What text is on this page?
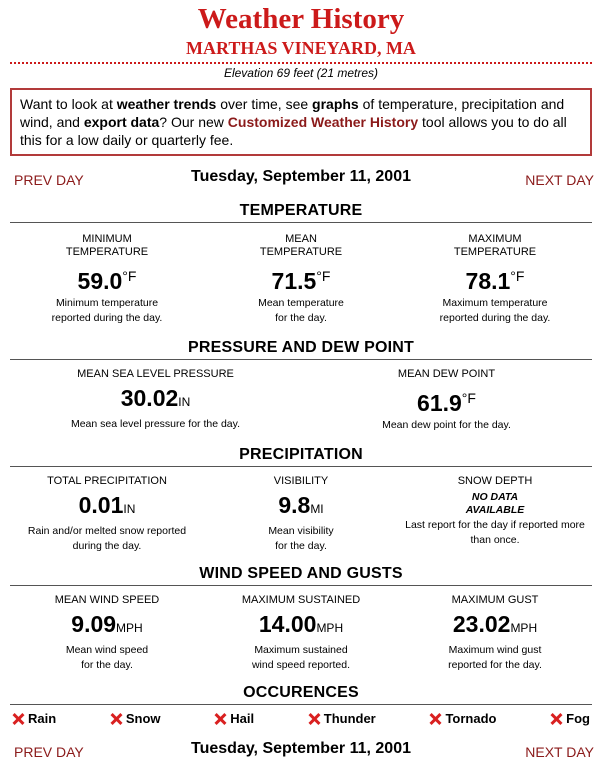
Weather History
MARTHAS VINEYARD, MA
Elevation 69 feet (21 metres)
Want to look at weather trends over time, see graphs of temperature, precipitation and wind, and export data? Our new Customized Weather History tool allows you to do all this for a low daily or quarterly fee.
PREV DAY	Tuesday, September 11, 2001	NEXT DAY
TEMPERATURE
MINIMUM
TEMPERATURE
$59.0^{^\circ F}$
Minimum temperature
reported during the day.
MEAN
TEMPERATURE
$71.5^{^\circ F}$
Mean temperature
for the day.
MAXIMUM
TEMPERATURE
$78.1^{^\circ F}$
Maximum temperature
reported during the day.
PRESSURE AND DEW POINT
MEAN SEA LEVEL PRESSURE
30.02IN
Mean sea level pressure for the day.
MEAN DEW POINT
$61.9^{^\circ F}$
Mean dew point for the day.
PRECIPITATION
TOTAL PRECIPITATION
0.01IN
Rain and/or melted snow reported
during the day.
VISIBILITY
9.8MI
Mean visibility
for the day.
SNOW DEPTH
NO DATA
AVAILABLE
Last report for the day if reported more
than once.
WIND SPEED AND GUSTS
MEAN WIND SPEED
9.09MPH
Mean wind speed
for the day.
MAXIMUM SUSTAINED
14.00MPH
Maximum sustained
wind speed reported.
MAXIMUM GUST
23.02MPH
Maximum wind gust
reported for the day.
OCCURENCES
Rain	Snow	Hail	Thunder	Tornado	Fog
PREV DAY	Tuesday, September 11, 2001	NEXT DAY
